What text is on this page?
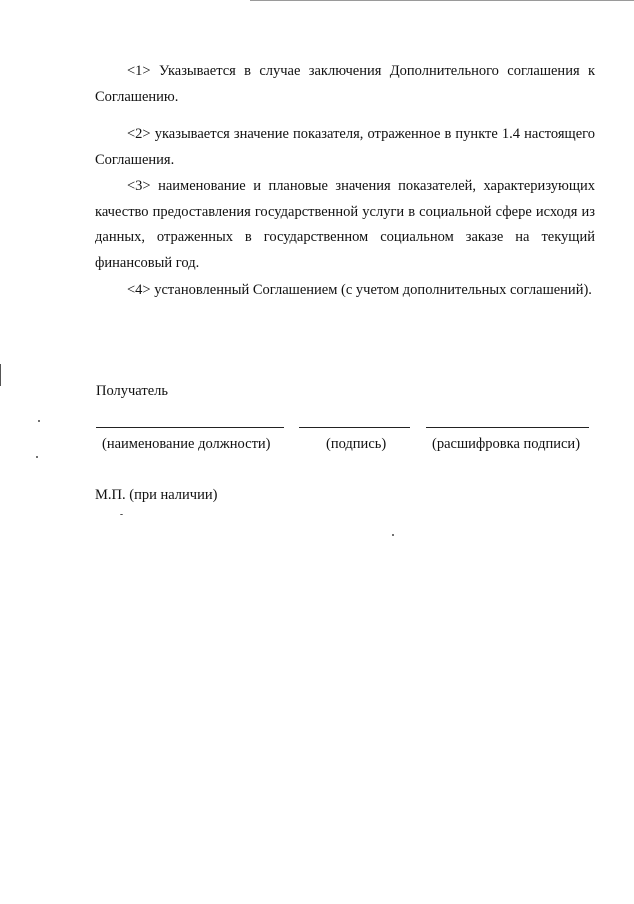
<1> Указывается в случае заключения Дополнительного соглашения к Соглашению.
<2> указывается значение показателя, отраженное в пункте 1.4 настоящего Соглашения.
<3> наименование и плановые значения показателей, характеризующих качество предоставления государственной услуги в социальной сфере исходя из данных, отраженных в государственном социальном заказе на текущий финансовый год.
<4> установленный Соглашением (с учетом дополнительных соглашений).
Получатель
(наименование должности)	(подпись)	(расшифровка подписи)
М.П. (при наличии)
